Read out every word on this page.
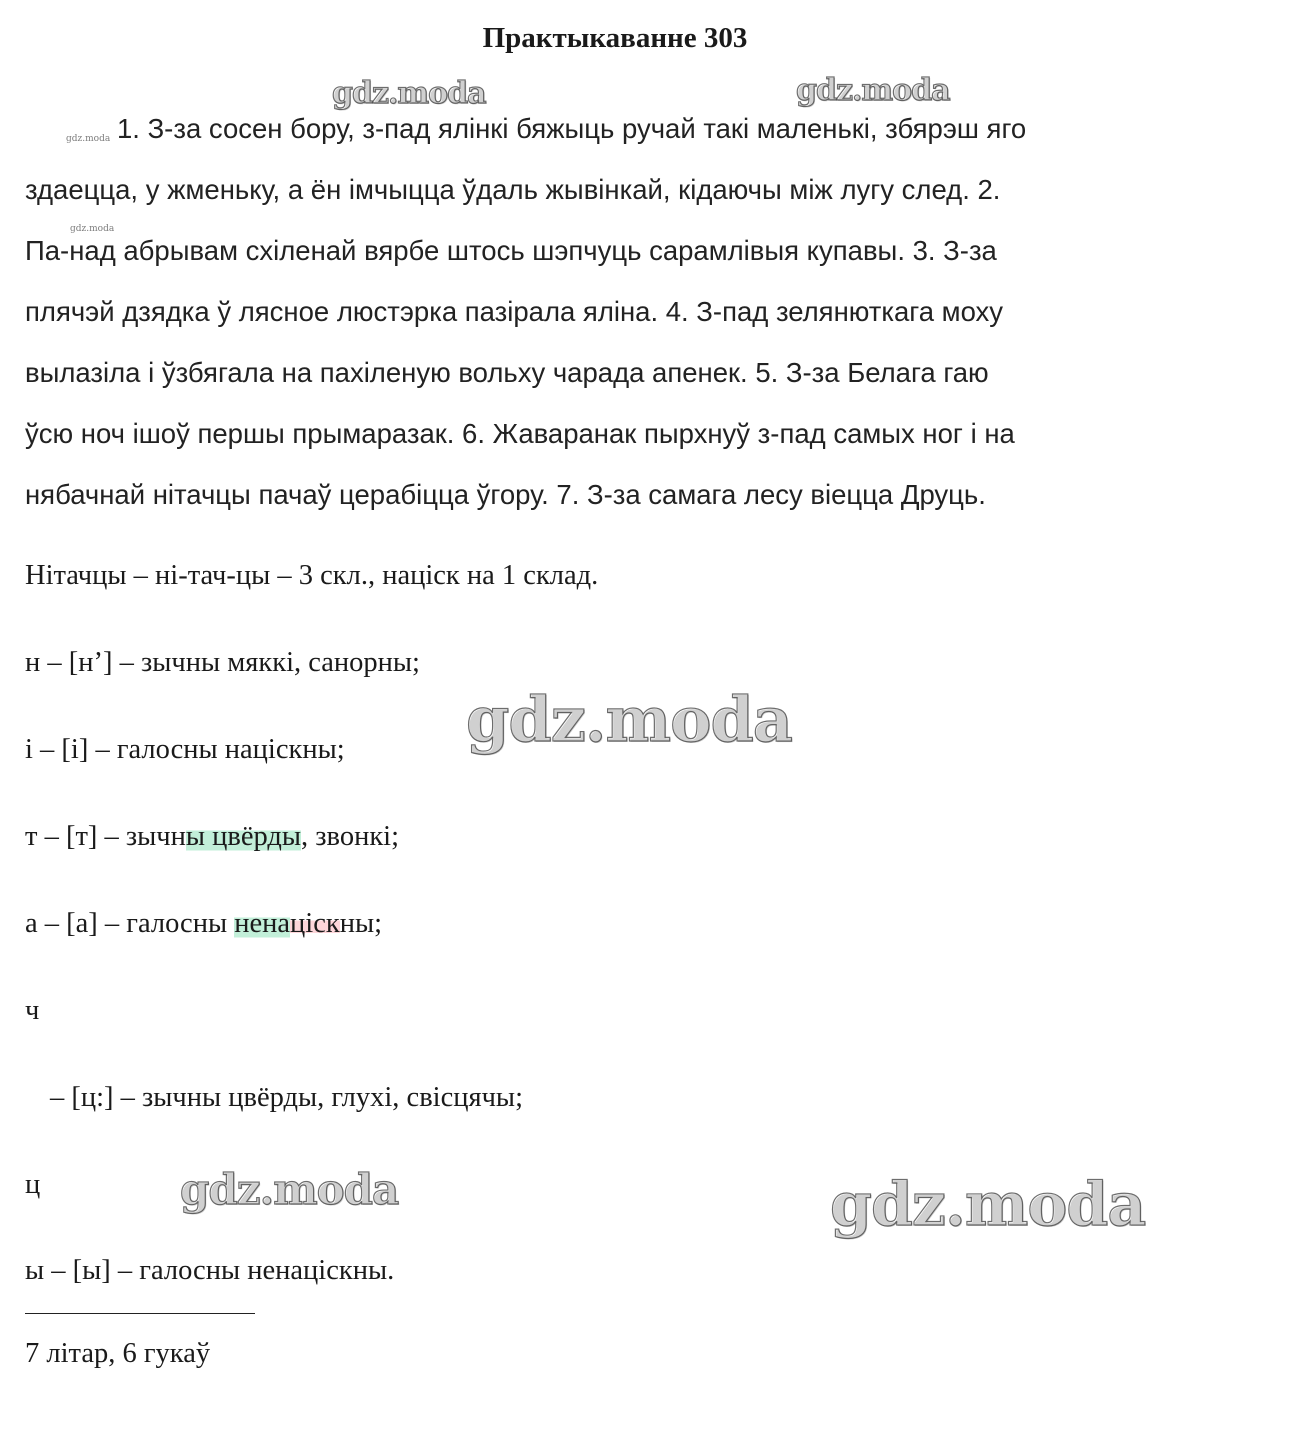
Практыкаванне 303
1. З-за сосен бору, з-пад ялінкі бяжыць ручай такі маленькі, збярэш яго
здаецца, у жменьку, а ён імчыцца ўдаль жывінкай, кідаючы між лугу след. 2.
Па-над абрывам схіленай вярбе штось шэпчуць сарамлівыя купавы. 3. З-за
плячэй дзядка ў лясное люстэрка пазірала яліна. 4. З-пад зелянюткага моху
вылазіла і ўзбягала на пахіленую вольху чарада апенек. 5. З-за Белага гаю
ўсю ноч ішоў першы прымаразак. 6. Жаваранак пырхнуў з-пад самых ног і на
нябачнай нітачцы пачаў церабіцца ўгору. 7. З-за самага лесу віецца Друць.
Нітачцы – ні-тач-цы – 3 скл., націск на 1 склад.
н – [н’] – зычны мяккі, санорны;
і – [і] – галосны націскны;
т – [т] – зычны цвёрды, звонкі;
а – [а] – галосны ненаціскны;
ч
– [ц:] – зычны цвёрды, глухі, свісцячы;
ц
ы – [ы] – галосны ненаціскны.
7 літар, 6 гукаў
gdz.moda	gdz.moda
gdz.moda
gdz.moda
gdz.moda
gdz.moda	gdz.moda
